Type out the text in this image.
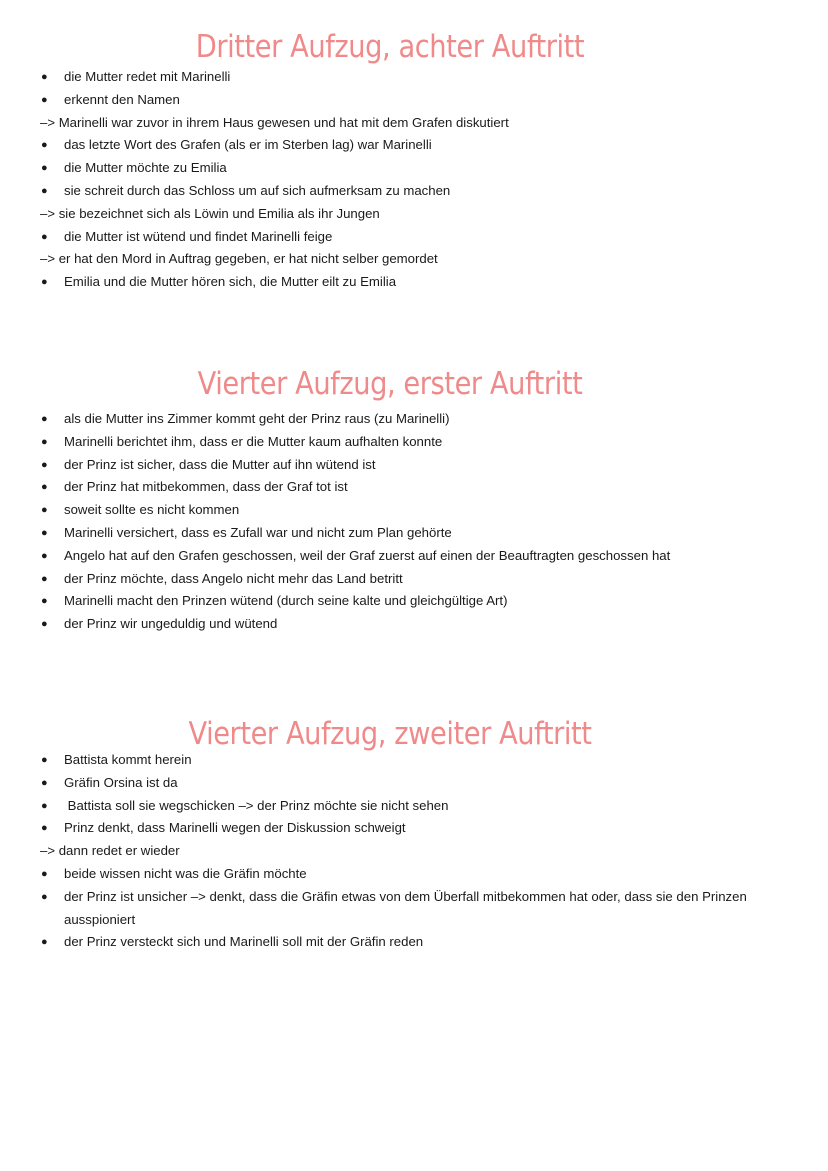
Dritter Aufzug, achter Auftritt
● die Mutter redet mit Marinelli
● erkennt den Namen
–> Marinelli war zuvor in ihrem Haus gewesen und hat mit dem Grafen diskutiert
● das letzte Wort des Grafen (als er im Sterben lag) war Marinelli
● die Mutter möchte zu Emilia
● sie schreit durch das Schloss um auf sich aufmerksam zu machen
–> sie bezeichnet sich als Löwin und Emilia als ihr Jungen
● die Mutter ist wütend und findet Marinelli feige
–> er hat den Mord in Auftrag gegeben, er hat nicht selber gemordet
● Emilia und die Mutter hören sich, die Mutter eilt zu Emilia
Vierter Aufzug, erster Auftritt
● als die Mutter ins Zimmer kommt geht der Prinz raus (zu Marinelli)
● Marinelli berichtet ihm, dass er die Mutter kaum aufhalten konnte
● der Prinz ist sicher, dass die Mutter auf ihn wütend ist
● der Prinz hat mitbekommen, dass der Graf tot ist
● soweit sollte es nicht kommen
● Marinelli versichert, dass es Zufall war und nicht zum Plan gehörte
● Angelo hat auf den Grafen geschossen, weil der Graf zuerst auf einen der Beauftragten geschossen hat
● der Prinz möchte, dass Angelo nicht mehr das Land betritt
● Marinelli macht den Prinzen wütend (durch seine kalte und gleichgültige Art)
● der Prinz wir ungeduldig und wütend
Vierter Aufzug, zweiter Auftritt
● Battista kommt herein
● Gräfin Orsina ist da
● Battista soll sie wegschicken –> der Prinz möchte sie nicht sehen
● Prinz denkt, dass Marinelli wegen der Diskussion schweigt
–> dann redet er wieder
● beide wissen nicht was die Gräfin möchte
● der Prinz ist unsicher –> denkt, dass die Gräfin etwas von dem Überfall mitbekommen hat oder, dass sie den Prinzen ausspioniert
● der Prinz versteckt sich und Marinelli soll mit der Gräfin reden
